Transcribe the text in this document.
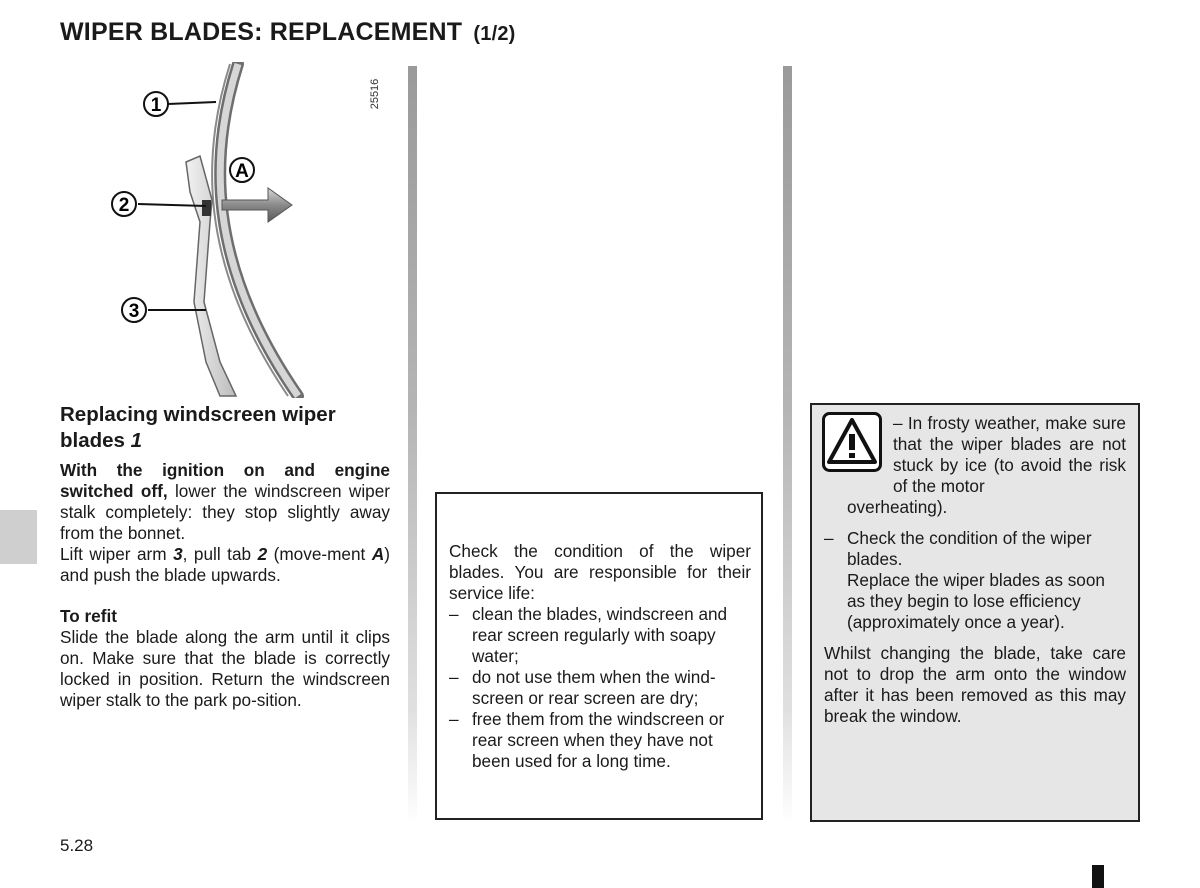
WIPER BLADES: REPLACEMENT (1/2)
1
2
3
A
25516
Replacing windscreen wiper blades 1
With the ignition on and engine switched off, lower the windscreen wiper stalk completely: they stop slightly away from the bonnet.
Lift wiper arm 3, pull tab 2 (move-ment A) and push the blade upwards.
To refit
Slide the blade along the arm until it clips on. Make sure that the blade is correctly locked in position. Return the windscreen wiper stalk to the park po-sition.
Check the condition of the wiper blades. You are responsible for their service life:
– clean the blades, windscreen and rear screen regularly with soapy water;
– do not use them when the wind-screen or rear screen are dry;
– free them from the windscreen or rear screen when they have not been used for a long time.
– In frosty weather, make sure that the wiper blades are not stuck by ice (to avoid the risk of the motor
overheating).
– Check the condition of the wiper blades.
Replace the wiper blades as soon as they begin to lose efficiency (approximately once a year).
Whilst changing the blade, take care not to drop the arm onto the window after it has been removed as this may break the window.
5.28
